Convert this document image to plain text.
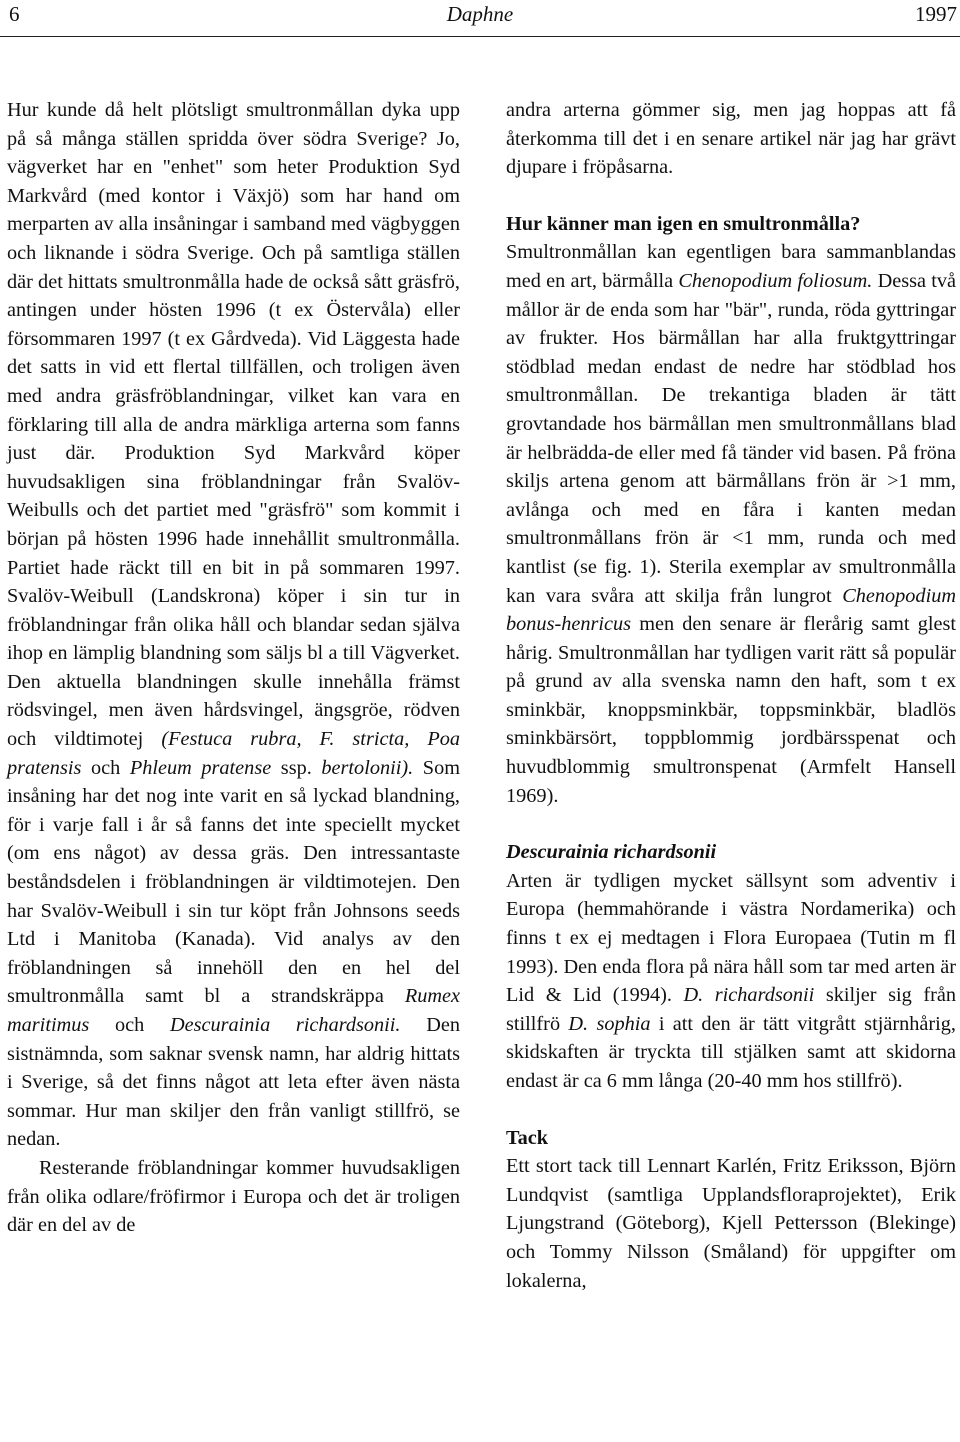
6	Daphne	1997

Hur kunde då helt plötsligt smultronmållan dyka upp på så många ställen spridda över södra Sverige? Jo, vägverket har en "enhet" som heter Produktion Syd Markvård (med kontor i Växjö) som har hand om merparten av alla insåningar i samband med vägbyggen och liknande i södra Sverige. Och på samtliga ställen där det hittats smultronmålla hade de också sått gräsfrö, antingen under hösten 1996 (t ex Östervåla) eller försommaren 1997 (t ex Gårdveda). Vid Läggesta hade det satts in vid ett flertal tillfällen, och troligen även med andra gräsfröblandningar, vilket kan vara en förklaring till alla de andra märkliga arterna som fanns just där. Produktion Syd Markvård köper huvudsakligen sina fröblandningar från Svalöv-Weibulls och det partiet med "gräsfrö" som kommit i början på hösten 1996 hade innehållit smultronmålla. Partiet hade räckt till en bit in på sommaren 1997. Svalöv-Weibull (Landskrona) köper i sin tur in fröblandningar från olika håll och blandar sedan själva ihop en lämplig blandning som säljs bl a till Vägverket. Den aktuella blandningen skulle innehålla främst rödsvingel, men även hårdsvingel, ängsgröe, rödven och vildtimotej (Festuca rubra, F. stricta, Poa pratensis och Phleum pratense ssp. bertolonii). Som insåning har det nog inte varit en så lyckad blandning, för i varje fall i år så fanns det inte speciellt mycket (om ens något) av dessa gräs. Den intressantaste beståndsdelen i fröblandningen är vildtimotejen. Den har Svalöv-Weibull i sin tur köpt från Johnsons seeds Ltd i Manitoba (Kanada). Vid analys av den fröblandningen så innehöll den en hel del smultronmålla samt bl a strandskräppa Rumex maritimus och Descurainia richardsonii. Den sistnämnda, som saknar svensk namn, har aldrig hittats i Sverige, så det finns något att leta efter även nästa sommar. Hur man skiljer den från vanligt stillfrö, se nedan.

Resterande fröblandningar kommer huvudsakligen från olika odlare/fröfirmor i Europa och det är troligen där en del av de

andra arterna gömmer sig, men jag hoppas att få återkomma till det i en senare artikel när jag har grävt djupare i fröpåsarna.

Hur känner man igen en smultronmålla?

Smultronmållan kan egentligen bara sammanblandas med en art, bärmålla Chenopodium foliosum. Dessa två mållor är de enda som har "bär", runda, röda gyttringar av frukter. Hos bärmållan har alla fruktgyttringar stödblad medan endast de nedre har stödblad hos smultronmållan. De trekantiga bladen är tätt grovtandade hos bärmållan men smultronmållans blad är helbrädda-de eller med få tänder vid basen. På fröna skiljs artena genom att bärmållans frön är >1 mm, avlånga och med en fåra i kanten medan smultronmållans frön är <1 mm, runda och med kantlist (se fig. 1). Sterila exemplar av smultronmålla kan vara svåra att skilja från lungrot Chenopodium bonus-henricus men den senare är flerårig samt glest hårig. Smultronmållan har tydligen varit rätt så populär på grund av alla svenska namn den haft, som t ex sminkbär, knoppsminkbär, toppsminkbär, bladlös sminkbärsört, toppblommig jordbärsspenat och huvudblommig smultronspenat (Armfelt Hansell 1969).

Descurainia richardsonii

Arten är tydligen mycket sällsynt som adventiv i Europa (hemmahörande i västra Nordamerika) och finns t ex ej medtagen i Flora Europaea (Tutin m fl 1993). Den enda flora på nära håll som tar med arten är Lid & Lid (1994). D. richardsonii skiljer sig från stillfrö D. sophia i att den är tätt vitgrått stjärnhårig, skidskaften är tryckta till stjälken samt att skidorna endast är ca 6 mm långa (20-40 mm hos stillfrö).

Tack

Ett stort tack till Lennart Karlén, Fritz Eriksson, Björn Lundqvist (samtliga Upplandsfloraprojektet), Erik Ljungstrand (Göteborg), Kjell Pettersson (Blekinge) och Tommy Nilsson (Småland) för uppgifter om lokalerna,
